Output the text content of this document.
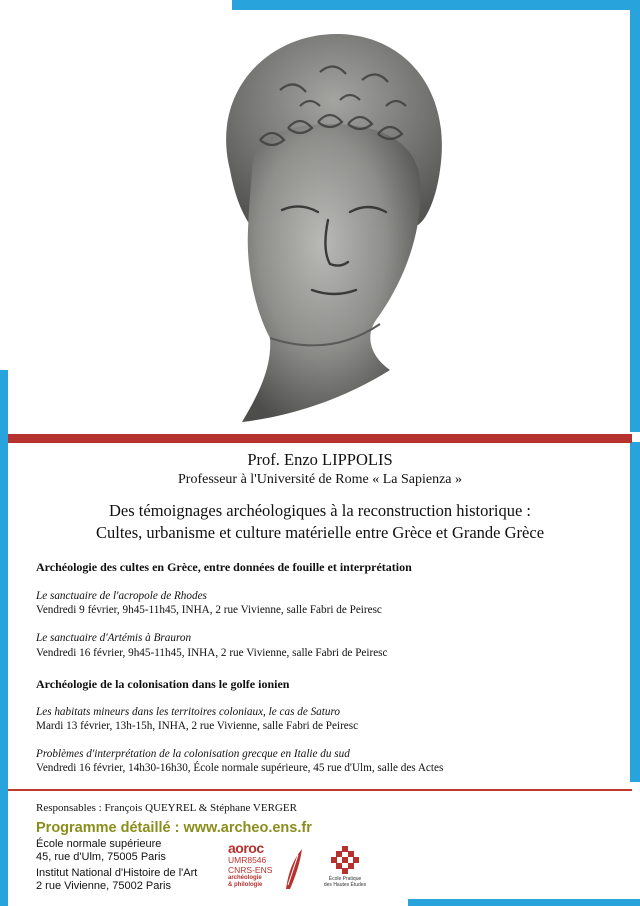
Prof. Enzo LIPPOLIS
Professeur à l'Université de Rome « La Sapienza »
Des témoignages archéologiques à la reconstruction historique :
Cultes, urbanisme et culture matérielle entre Grèce et Grande Grèce
Archéologie des cultes en Grèce, entre données de fouille et interprétation
Le sanctuaire de l'acropole de Rhodes
Vendredi 9 février, 9h45-11h45, INHA, 2 rue Vivienne, salle Fabri de Peiresc
Le sanctuaire d'Artémis à Brauron
Vendredi 16 février, 9h45-11h45, INHA, 2 rue Vivienne, salle Fabri de Peiresc
Archéologie de la colonisation dans le golfe ionien
Les habitats mineurs dans les territoires coloniaux, le cas de Saturo
Mardi 13 février, 13h-15h, INHA, 2 rue Vivienne, salle Fabri de Peiresc
Problèmes d'interprétation de la colonisation grecque en Italie du sud
Vendredi 16 février, 14h30-16h30, École normale supérieure, 45 rue d'Ulm, salle des Actes
Responsables : François QUEYREL & Stéphane VERGER
Programme détaillé : www.archeo.ens.fr
École normale supérieure
45, rue d'Ulm, 75005 Paris
Institut National d'Histoire de l'Art
2 rue Vivienne, 75002 Paris
aoroc
UMR8546
CNRS-ENS
archéologie
& philologie
École Pratique
des Hautes Études
